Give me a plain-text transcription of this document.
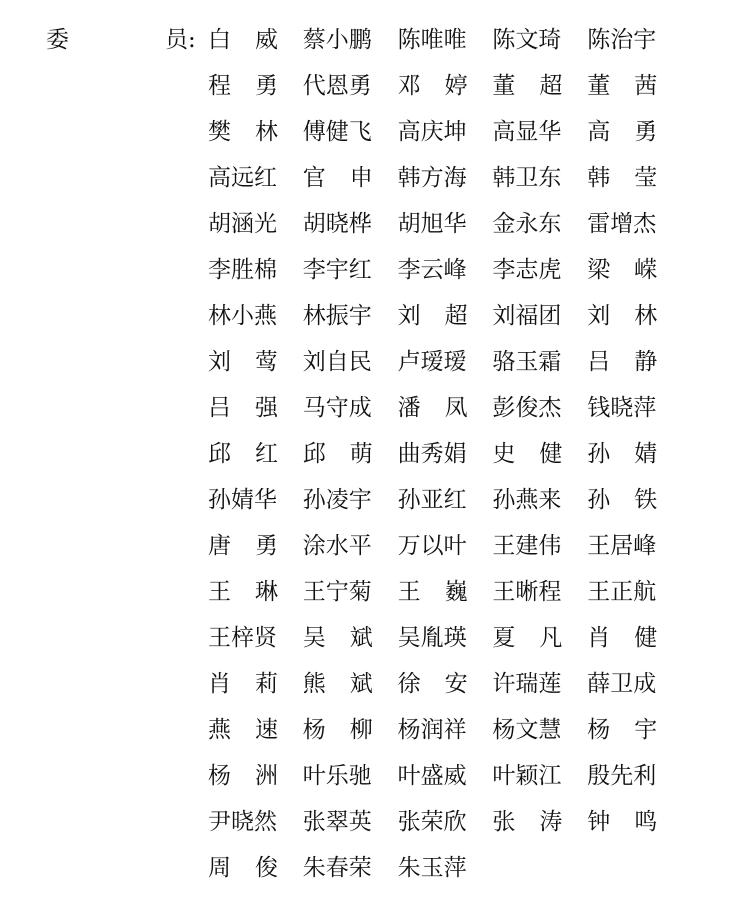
委	员: 白 威 蔡小鹏 陈唯唯 陈文琦 陈治宇
程 勇 代恩勇 邓 婷 董 超 董 茜
樊 林 傅健飞 高庆坤 高显华 高 勇
高远红 官 申 韩方海 韩卫东 韩 莹
胡涵光 胡晓桦 胡旭华 金永东 雷增杰
李胜棉 李宇红 李云峰 李志虎 梁 嵘
林小燕 林振宇 刘 超 刘福团 刘 林
刘 莺 刘自民 卢瑷瑷 骆玉霜 吕 静
吕 强 马守成 潘 凤 彭俊杰 钱晓萍
邱 红 邱 萌 曲秀娟 史 健 孙 婧
孙婧华 孙凌宇 孙亚红 孙燕来 孙 铁
唐 勇 涂水平 万以叶 王建伟 王居峰
王 琳 王宁菊 王 巍 王晰程 王正航
王梓贤 吴 斌 吴胤瑛 夏 凡 肖 健
肖 莉 熊 斌 徐 安 许瑞莲 薛卫成
燕 速 杨 柳 杨润祥 杨文慧 杨 宇
杨 洲 叶乐驰 叶盛威 叶颖江 殷先利
尹晓然 张翠英 张荣欣 张 涛 钟 鸣
周 俊 朱春荣 朱玉萍
